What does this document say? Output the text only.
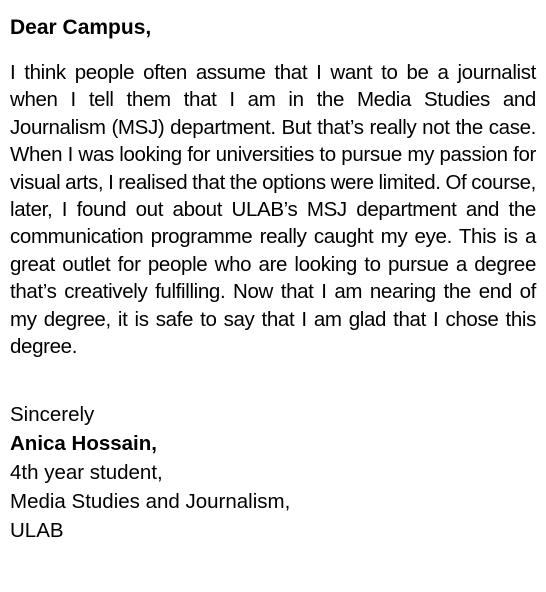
Dear Campus,

I think people often assume that I want to be a journalist when I tell them that I am in the Media Studies and Journalism (MSJ) department. But that’s really not the case. When I was looking for universities to pursue my passion for visual arts, I realised that the options were limited. Of course, later, I found out about ULAB’s MSJ department and the communication programme really caught my eye. This is a great outlet for people who are looking to pursue a degree that’s creatively fulfilling. Now that I am nearing the end of my degree, it is safe to say that I am glad that I chose this degree.

Sincerely
Anica Hossain,
4th year student,
Media Studies and Journalism,
ULAB
